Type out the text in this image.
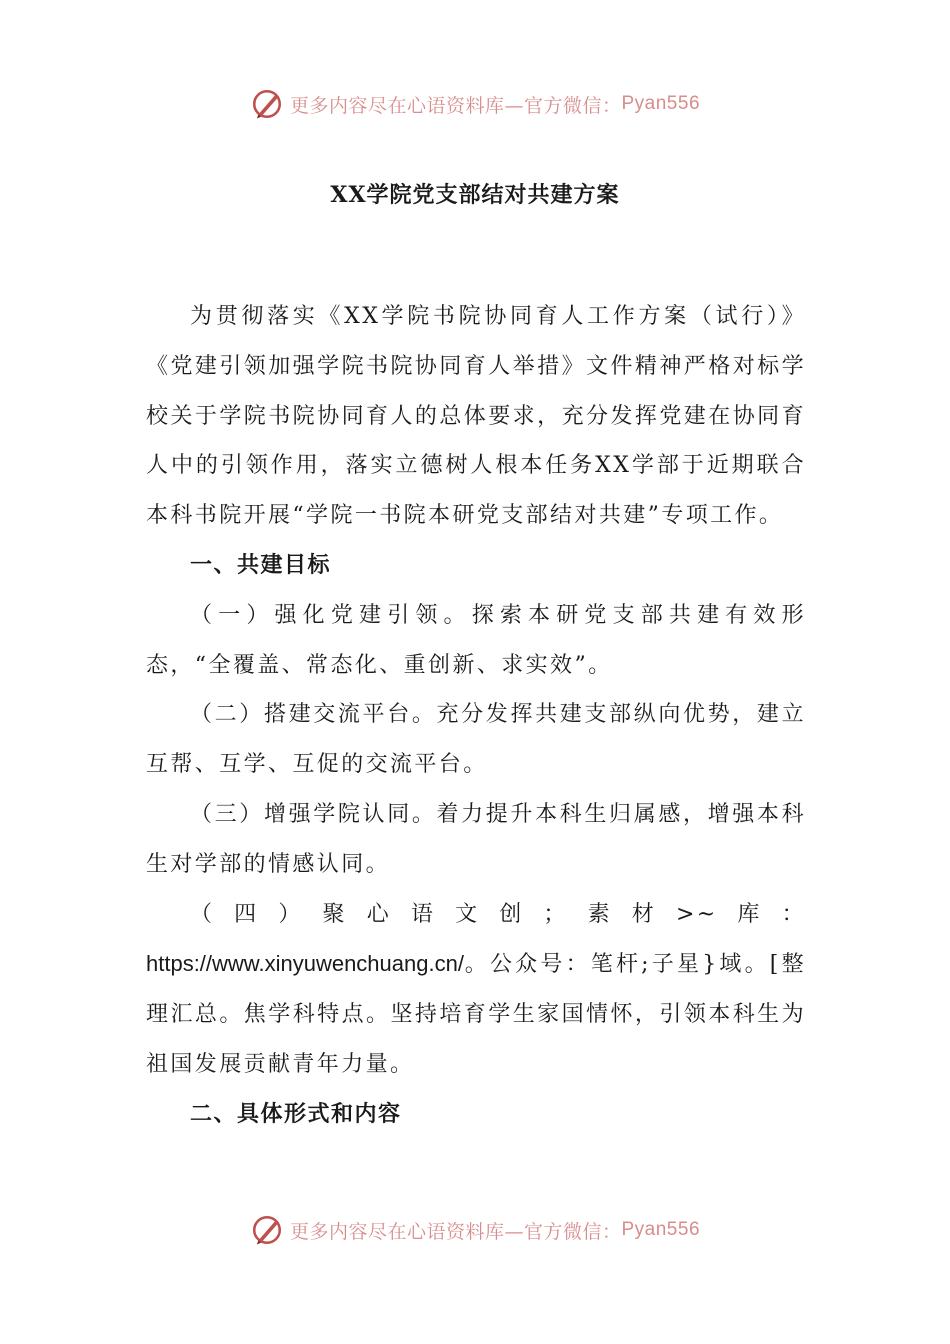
更多内容尽在心语资料库—官方微信： Pyan556
XX学院党支部结对共建方案

为贯彻落实《XX学院书院协同育人工作方案（试行）》《党建引领加强学院书院协同育人举措》文件精神严格对标学校关于学院书院协同育人的总体要求，充分发挥党建在协同育人中的引领作用，落实立德树人根本任务XX学部于近期联合本科书院开展“学院一书院本研党支部结对共建”专项工作。

一、共建目标

（一）强化党建引领。探索本研党支部共建有效形态，“全覆盖、常态化、重创新、求实效”。

（二）搭建交流平台。充分发挥共建支部纵向优势，建立互帮、互学、互促的交流平台。

（三）增强学院认同。着力提升本科生归属感，增强本科生对学部的情感认同。

（四）聚心语文创；素材>~库：https://www.xinyuwenchuang.cn/。公众号：笔杆;子星}域。[整理汇总。焦学科特点。坚持培育学生家国情怀，引领本科生为祖国发展贡献青年力量。

二、具体形式和内容

更多内容尽在心语资料库—官方微信： Pyan556
